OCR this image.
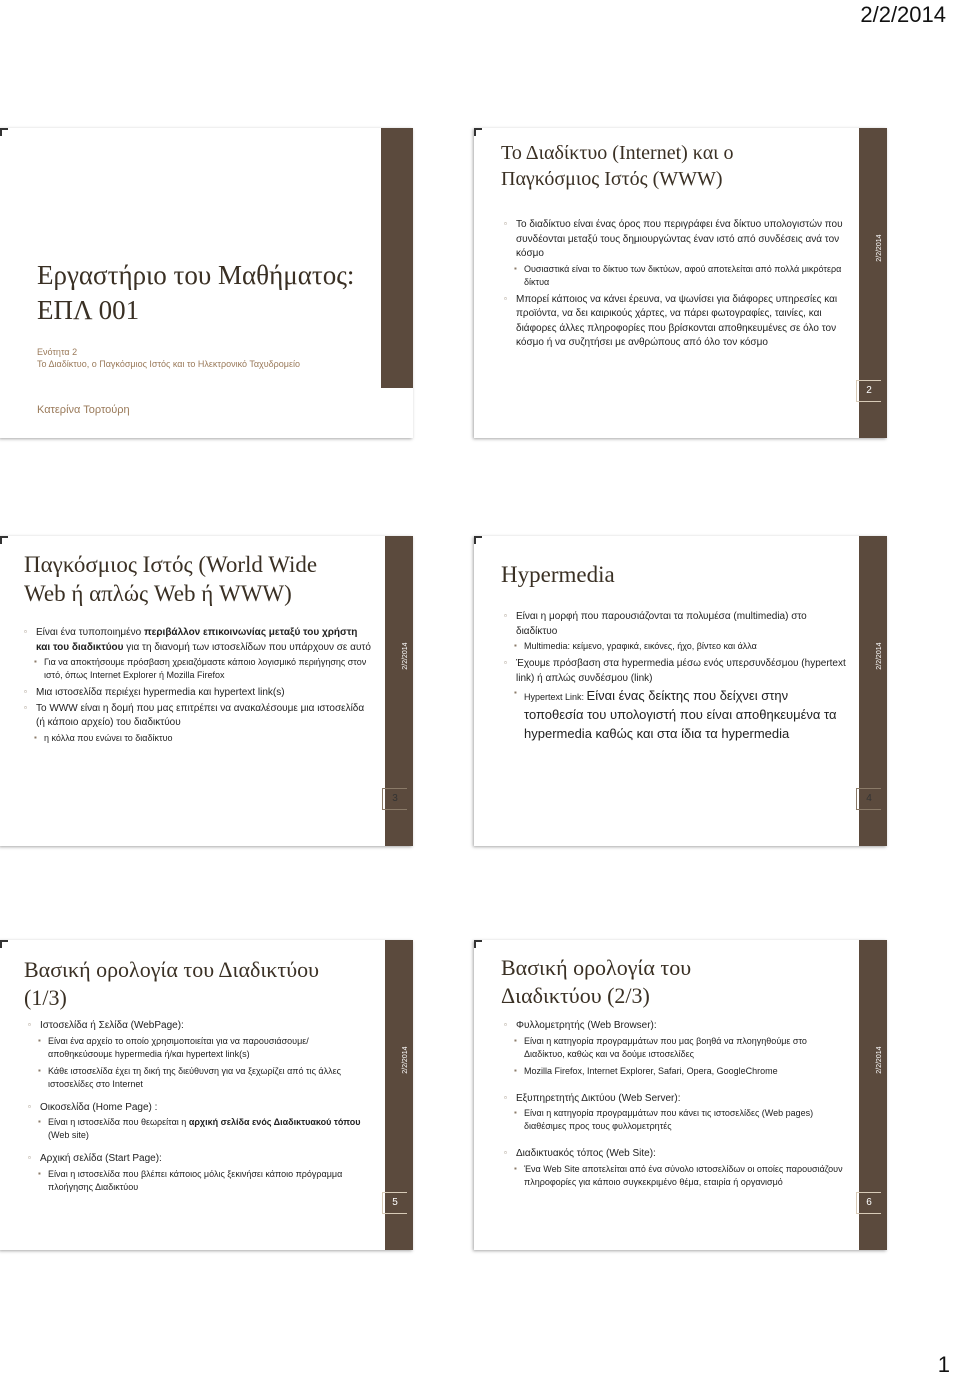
2/2/2014
Εργαστήριο του Μαθήματος:
ΕΠΛ 001
Ενότητα 2
Το Διαδίκτυο, ο Παγκόσμιος Ιστός και το Ηλεκτρονικό Ταχυδρομείο
Κατερίνα Τορτούρη
2/2/2014
Το Διαδίκτυο (Internet) και ο
Παγκόσμιος Ιστός (WWW)
▫ Το διαδίκτυο είναι ένας όρος που περιγράφει ένα δίκτυο υπολογιστών που συνδέονται μεταξύ τους δημιουργώντας έναν ιστό από συνδέσεις ανά τον κόσμο
▪ Ουσιαστικά είναι το δίκτυο των δικτύων, αφού αποτελείται από πολλά μικρότερα δίκτυα
▫ Μπορεί κάποιος να κάνει έρευνα, να ψωνίσει για διάφορες υπηρεσίες και προϊόντα, να δει καιρικούς χάρτες, να πάρει φωτογραφίες, ταινίες, και διάφορες άλλες πληροφορίες που βρίσκονται αποθηκευμένες σε όλο τον κόσμο ή να συζητήσει με ανθρώπους από όλο τον κόσμο
2
2/2/2014
Παγκόσμιος Ιστός (World Wide
Web ή απλώς Web ή WWW)
▫ Είναι ένα τυποποιημένο περιβάλλον επικοινωνίας μεταξύ του χρήστη και του διαδικτύου για τη διανομή των ιστοσελίδων που υπάρχουν σε αυτό
▪ Για να αποκτήσουμε πρόσβαση χρειαζόμαστε κάποιο λογισμικό περιήγησης στον ιστό, όπως Internet Explorer ή Mozilla Firefox
▫ Μια ιστοσελίδα περιέχει hypermedia και hypertext link(s)
▫ Το WWW είναι η δομή που μας επιτρέπει να ανακαλέσουμε μια ιστοσελίδα (ή κάποιο αρχείο) του διαδικτύου
▪ η κόλλα που ενώνει το διαδίκτυο
3
2/2/2014
Hypermedia
▫ Είναι η μορφή που παρουσιάζονται τα πολυμέσα (multimedia) στο διαδίκτυο
▪ Multimedia: κείμενο, γραφικά, εικόνες, ήχο, βίντεο και άλλα
▫ Έχουμε πρόσβαση στα hypermedia μέσω ενός υπερσυνδέσμου (hypertext link) ή απλώς συνδέσμου (link)
▪ Hypertext Link: Είναι ένας δείκτης που δείχνει στην τοποθεσία του υπολογιστή που είναι αποθηκευμένα τα hypermedia καθώς και στα ίδια τα hypermedia
4
2/2/2014
Βασική ορολογία του Διαδικτύου
(1/3)
▫ Ιστοσελίδα ή Σελίδα (WebPage):
▪ Είναι ένα αρχείο το οποίο χρησιμοποιείται για να παρουσιάσουμε/αποθηκεύσουμε hypermedia ή/και hypertext link(s)
▪ Κάθε ιστοσελίδα έχει τη δική της διεύθυνση για να ξεχωρίζει από τις άλλες ιστοσελίδες στο Internet
▫ Οικοσελίδα (Home Page) :
▪ Είναι η ιστοσελίδα που θεωρείται η αρχική σελίδα ενός Διαδικτυακού τόπου (Web site)
▫ Αρχική σελίδα (Start Page):
▪ Είναι η ιστοσελίδα που βλέπει κάποιος μόλις ξεκινήσει κάποιο πρόγραμμα πλοήγησης Διαδικτύου
5
2/2/2014
Βασική ορολογία του
Διαδικτύου (2/3)
▫ Φυλλομετρητής (Web Browser):
▪ Είναι η κατηγορία προγραμμάτων που μας βοηθά να πλοηγηθούμε στο Διαδίκτυο, καθώς και να δούμε ιστοσελίδες
▪ Mozilla Firefox, Internet Explorer, Safari, Opera, GoogleChrome
▫ Εξυπηρετητής Δικτύου (Web Server):
▪ Είναι η κατηγορία προγραμμάτων που κάνει τις ιστοσελίδες (Web pages) διαθέσιμες προς τους φυλλομετρητές
▫ Διαδικτυακός τόπος (Web Site):
▪ Ένα Web Site αποτελείται από ένα σύνολο ιστοσελίδων οι οποίες παρουσιάζουν πληροφορίες για κάποιο συγκεκριμένο θέμα, εταιρία ή οργανισμό
6
1
